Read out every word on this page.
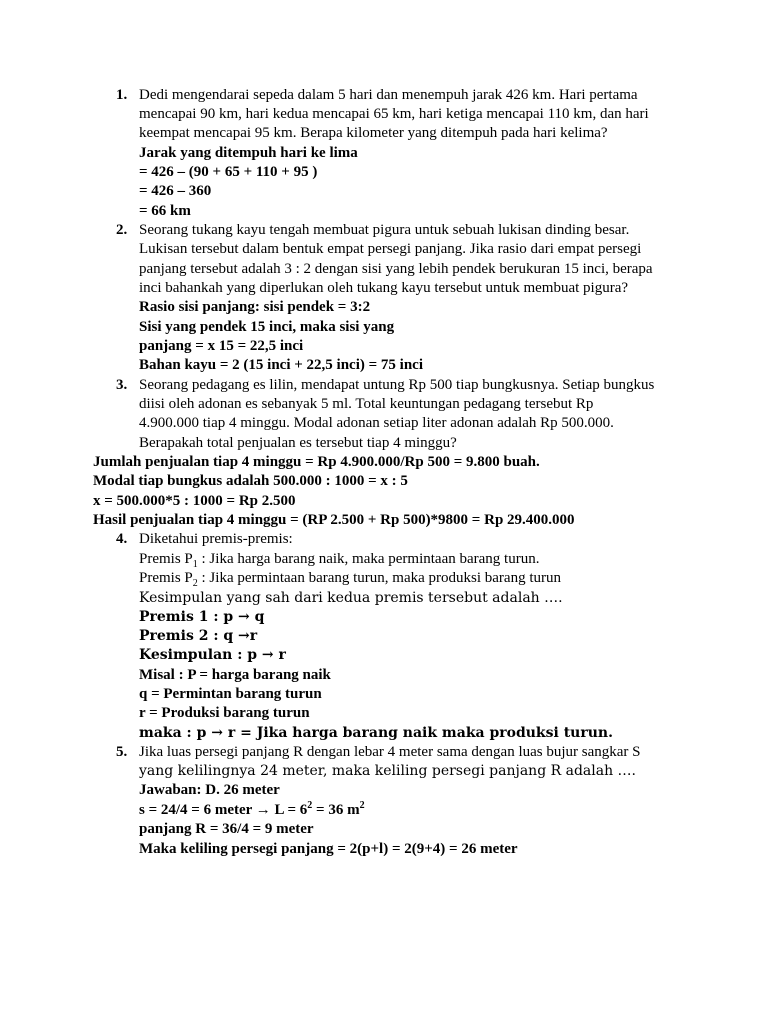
1. Dedi mengendarai sepeda dalam 5 hari dan menempuh jarak 426 km. Hari pertama
mencapai 90 km, hari kedua mencapai 65 km, hari ketiga mencapai 110 km, dan hari
keempat mencapai 95 km. Berapa kilometer yang ditempuh pada hari kelima?
Jarak yang ditempuh hari ke lima
= 426 – (90 + 65 + 110 + 95 )
= 426 – 360
= 66 km
2. Seorang tukang kayu tengah membuat pigura untuk sebuah lukisan dinding besar.
Lukisan tersebut dalam bentuk empat persegi panjang. Jika rasio dari empat persegi
panjang tersebut adalah 3 : 2 dengan sisi yang lebih pendek berukuran 15 inci, berapa
inci bahankah yang diperlukan oleh tukang kayu tersebut untuk membuat pigura?
Rasio sisi panjang: sisi pendek = 3:2
Sisi yang pendek 15 inci, maka sisi yang
panjang = x 15 = 22,5 inci
Bahan kayu = 2 (15 inci + 22,5 inci) = 75 inci
3. Seorang pedagang es lilin, mendapat untung Rp 500 tiap bungkusnya. Setiap bungkus
diisi oleh adonan es sebanyak 5 ml. Total keuntungan pedagang tersebut Rp
4.900.000 tiap 4 minggu. Modal adonan setiap liter adonan adalah Rp 500.000.
Berapakah total penjualan es tersebut tiap 4 minggu?
Jumlah penjualan tiap 4 minggu = Rp 4.900.000/Rp 500 = 9.800 buah.
Modal tiap bungkus adalah 500.000 : 1000 = x : 5
x = 500.000*5 : 1000 = Rp 2.500
Hasil penjualan tiap 4 minggu = (RP 2.500 + Rp 500)*9800 = Rp 29.400.000
4. Diketahui premis-premis:
Premis $P_1$ : Jika harga barang naik, maka permintaan barang turun.
Premis $P_2$ : Jika permintaan barang turun, maka produksi barang turun
Kesimpulan yang sah dari kedua premis tersebut adalah ….
Premis 1 : p → q
Premis 2 : q →r
Kesimpulan : p → r
Misal : P = harga barang naik
q = Permintan barang turun
r = Produksi barang turun
maka : p → r = Jika harga barang naik maka produksi turun.
5. Jika luas persegi panjang R dengan lebar 4 meter sama dengan luas bujur sangkar S
yang kelilingnya 24 meter, maka keliling persegi panjang R adalah ….
Jawaban: D. 26 meter
s = 24/4 = 6 meter → $L = 6^2 = 36$ $m^2$
panjang R = 36/4 = 9 meter
Maka keliling persegi panjang = 2(p+l) = 2(9+4) = 26 meter
